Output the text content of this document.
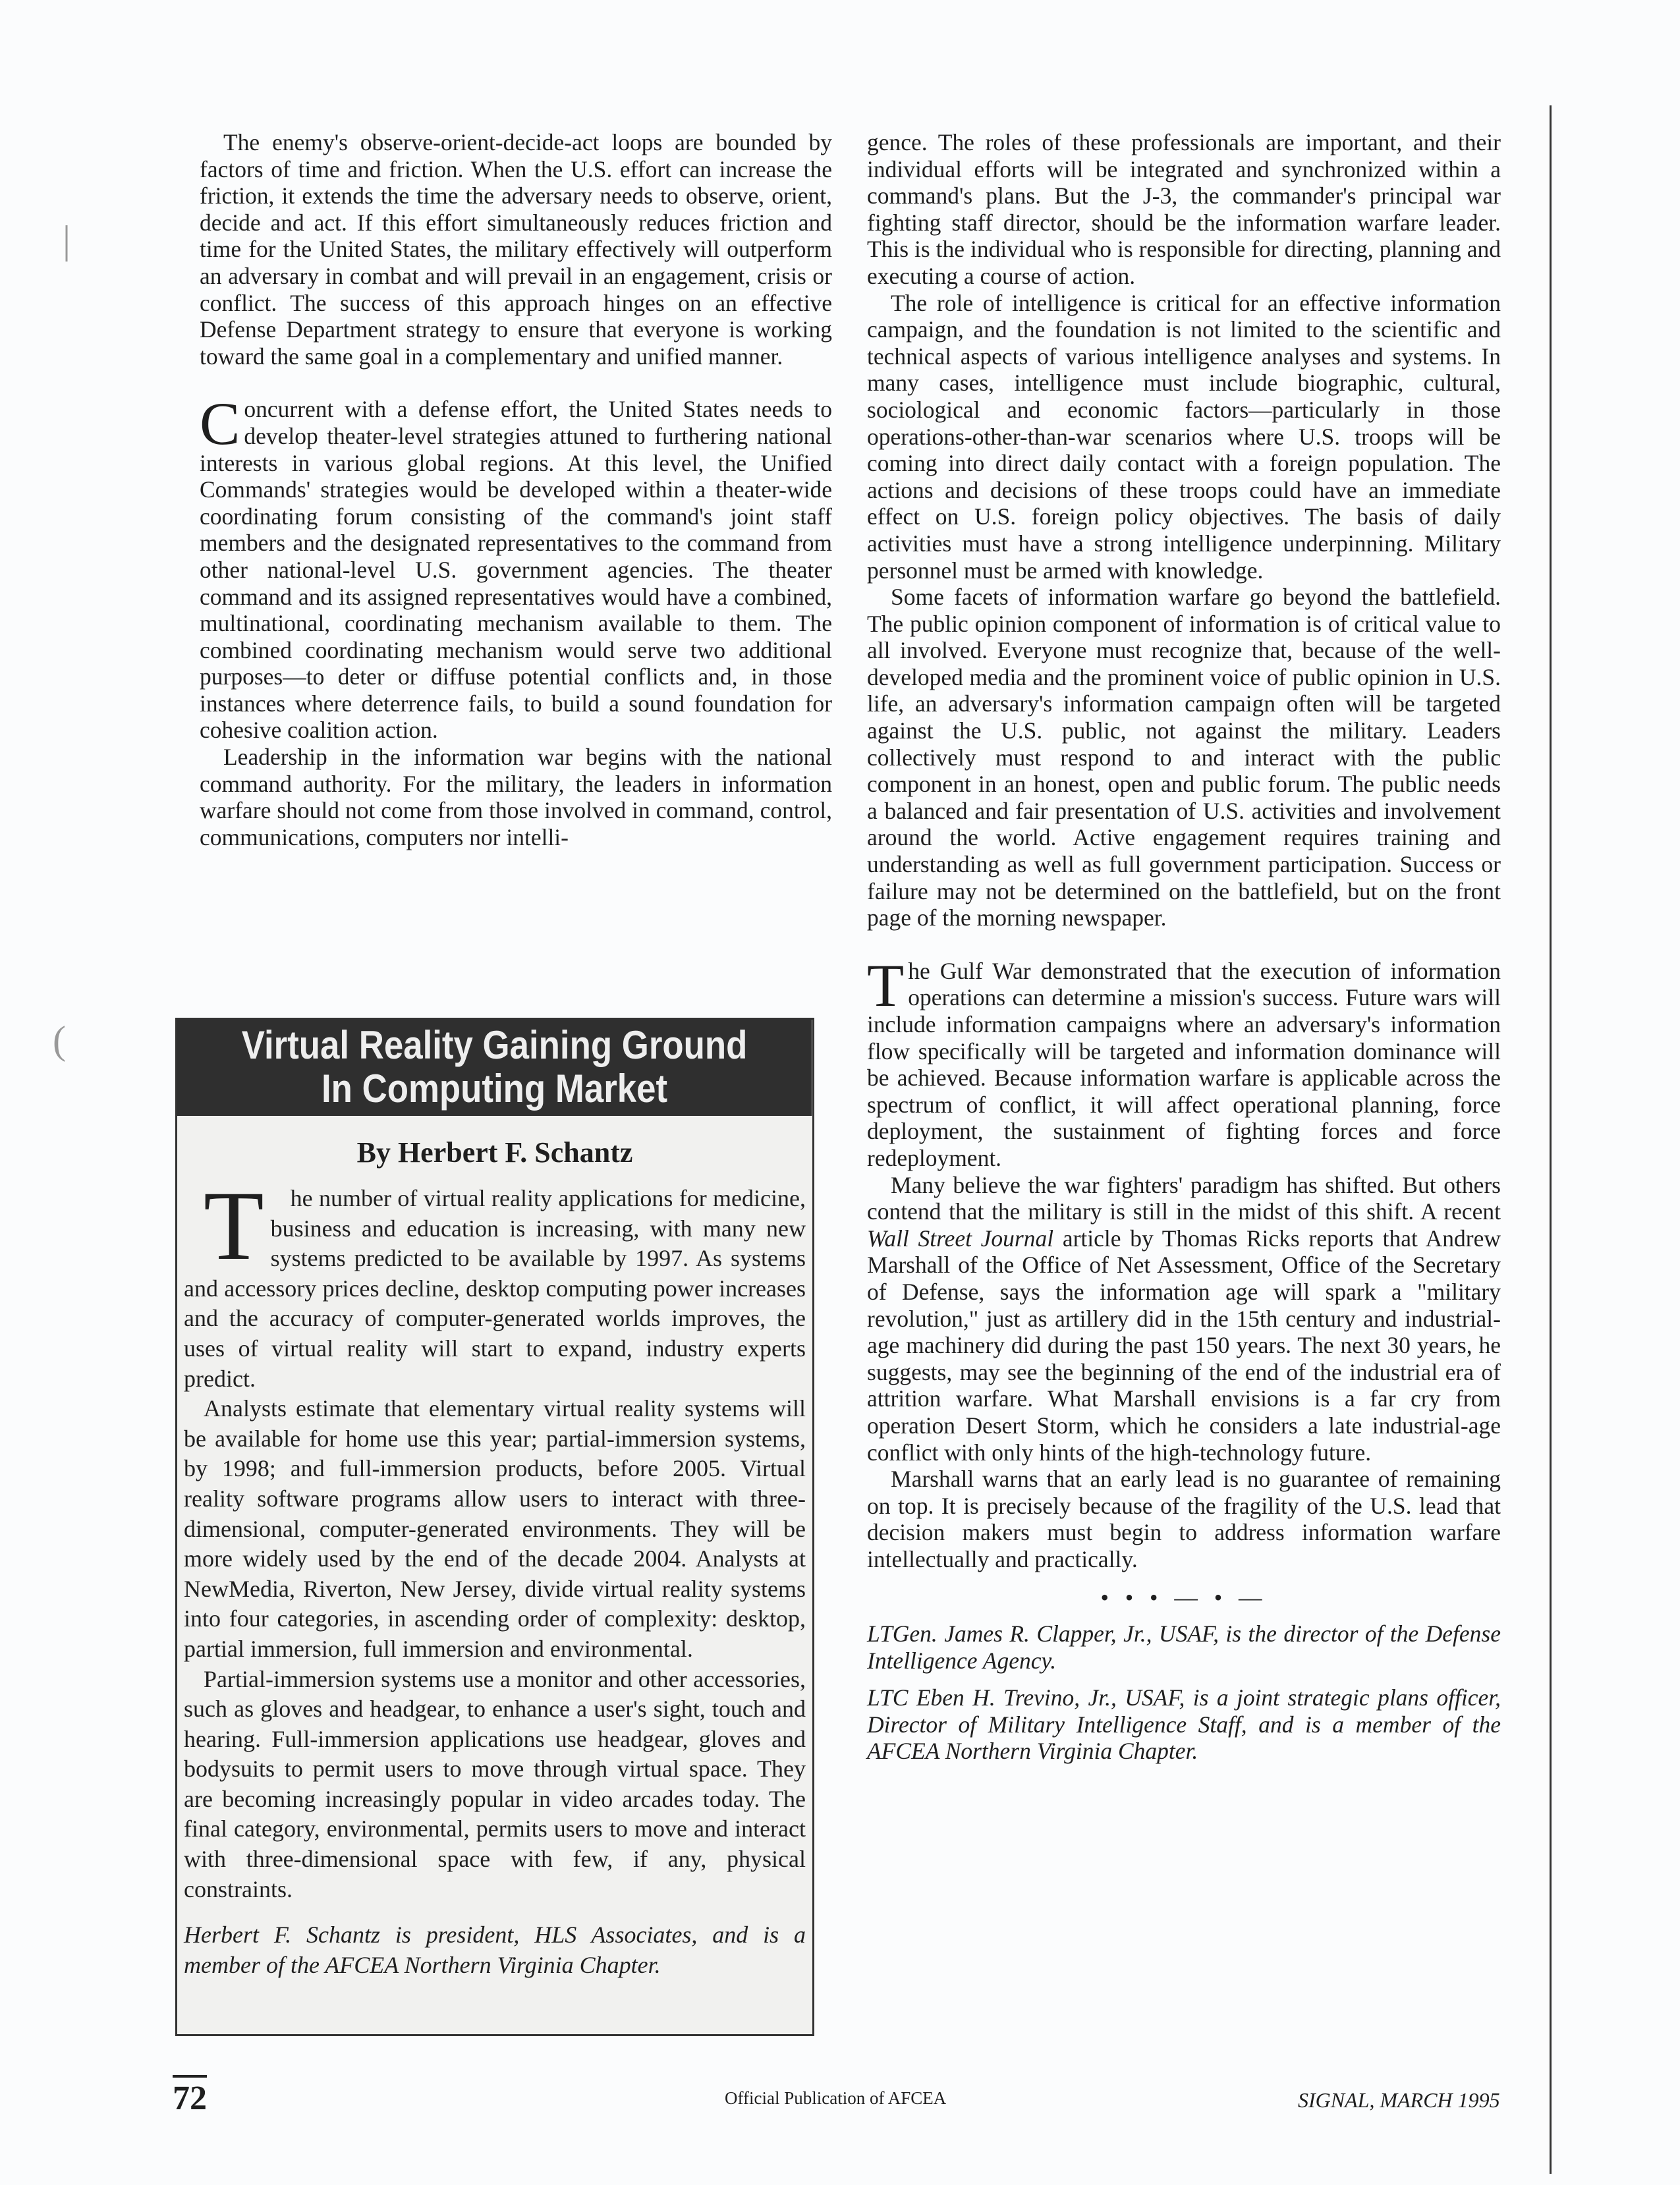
|
(

The enemy's observe-orient-decide-act loops are bounded by factors of time and friction. When the U.S. effort can increase the friction, it extends the time the adversary needs to observe, orient, decide and act. If this effort simultaneously reduces friction and time for the United States, the military effectively will outperform an adversary in combat and will prevail in an engagement, crisis or conflict. The success of this approach hinges on an effective Defense Department strategy to ensure that everyone is working toward the same goal in a complementary and unified manner.

Concurrent with a defense effort, the United States needs to develop theater-level strategies attuned to furthering national interests in various global regions. At this level, the Unified Commands' strategies would be developed within a theater-wide coordinating forum consisting of the command's joint staff members and the designated representatives to the command from other national-level U.S. government agencies. The theater command and its assigned representatives would have a combined, multinational, coordinating mechanism available to them. The combined coordinating mechanism would serve two additional purposes—to deter or diffuse potential conflicts and, in those instances where deterrence fails, to build a sound foundation for cohesive coalition action.

Leadership in the information war begins with the national command authority. For the military, the leaders in information warfare should not come from those involved in command, control, communications, computers nor intelli-

Virtual Reality Gaining Ground
In Computing Market
By Herbert F. Schantz

T he number of virtual reality applications for medicine, business and education is increasing, with many new systems predicted to be available by 1997. As systems and accessory prices decline, desktop computing power increases and the accuracy of computer-generated worlds improves, the uses of virtual reality will start to expand, industry experts predict.

Analysts estimate that elementary virtual reality systems will be available for home use this year; partial-immersion systems, by 1998; and full-immersion products, before 2005. Virtual reality software programs allow users to interact with three-dimensional, computer-generated environments. They will be more widely used by the end of the decade 2004. Analysts at NewMedia, Riverton, New Jersey, divide virtual reality systems into four categories, in ascending order of complexity: desktop, partial immersion, full immersion and environmental.

Partial-immersion systems use a monitor and other accessories, such as gloves and headgear, to enhance a user's sight, touch and hearing. Full-immersion applications use headgear, gloves and bodysuits to permit users to move through virtual space. They are becoming increasingly popular in video arcades today. The final category, environmental, permits users to move and interact with three-dimensional space with few, if any, physical constraints.

Herbert F. Schantz is president, HLS Associates, and is a member of the AFCEA Northern Virginia Chapter.

gence. The roles of these professionals are important, and their individual efforts will be integrated and synchronized within a command's plans. But the J-3, the commander's principal war fighting staff director, should be the information warfare leader. This is the individual who is responsible for directing, planning and executing a course of action.

The role of intelligence is critical for an effective information campaign, and the foundation is not limited to the scientific and technical aspects of various intelligence analyses and systems. In many cases, intelligence must include biographic, cultural, sociological and economic factors—particularly in those operations-other-than-war scenarios where U.S. troops will be coming into direct daily contact with a foreign population. The actions and decisions of these troops could have an immediate effect on U.S. foreign policy objectives. The basis of daily activities must have a strong intelligence underpinning. Military personnel must be armed with knowledge.

Some facets of information warfare go beyond the battlefield. The public opinion component of information is of critical value to all involved. Everyone must recognize that, because of the well-developed media and the prominent voice of public opinion in U.S. life, an adversary's information campaign often will be targeted against the U.S. public, not against the military. Leaders collectively must respond to and interact with the public component in an honest, open and public forum. The public needs a balanced and fair presentation of U.S. activities and involvement around the world. Active engagement requires training and understanding as well as full government participation. Success or failure may not be determined on the battlefield, but on the front page of the morning newspaper.

The Gulf War demonstrated that the execution of information operations can determine a mission's success. Future wars will include information campaigns where an adversary's information flow specifically will be targeted and information dominance will be achieved. Because information warfare is applicable across the spectrum of conflict, it will affect operational planning, force deployment, the sustainment of fighting forces and force redeployment.

Many believe the war fighters' paradigm has shifted. But others contend that the military is still in the midst of this shift. A recent Wall Street Journal article by Thomas Ricks reports that Andrew Marshall of the Office of Net Assessment, Office of the Secretary of Defense, says the information age will spark a "military revolution," just as artillery did in the 15th century and industrial-age machinery did during the past 150 years. The next 30 years, he suggests, may see the beginning of the end of the industrial era of attrition warfare. What Marshall envisions is a far cry from operation Desert Storm, which he considers a late industrial-age conflict with only hints of the high-technology future.

Marshall warns that an early lead is no guarantee of remaining on top. It is precisely because of the fragility of the U.S. lead that decision makers must begin to address information warfare intellectually and practically.

• • • — • —

LTGen. James R. Clapper, Jr., USAF, is the director of the Defense Intelligence Agency.

LTC Eben H. Trevino, Jr., USAF, is a joint strategic plans officer, Director of Military Intelligence Staff, and is a member of the AFCEA Northern Virginia Chapter.

72	Official Publication of AFCEA	SIGNAL, MARCH 1995
